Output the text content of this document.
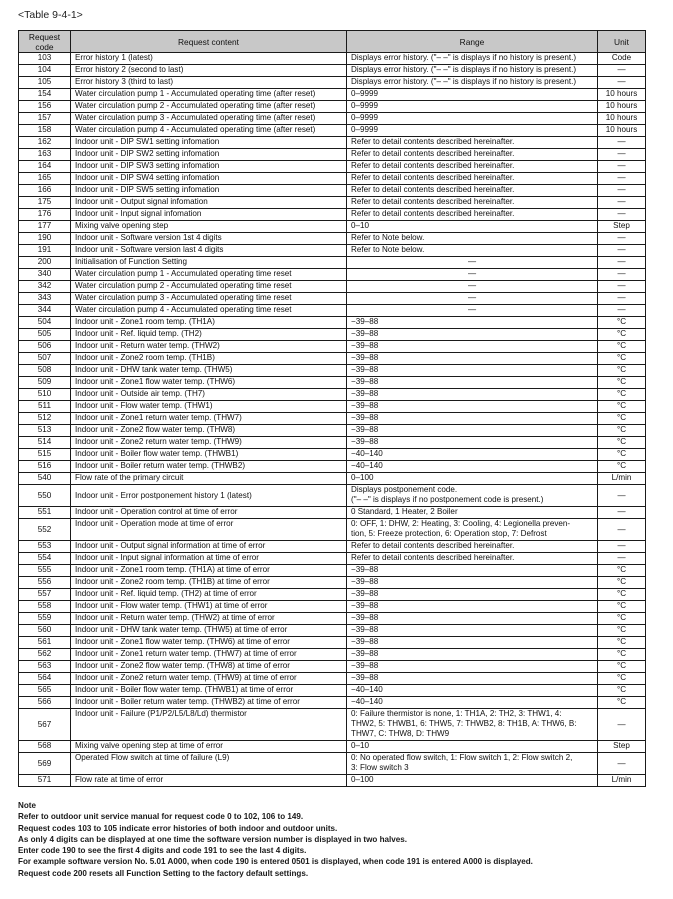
<Table 9-4-1>
Request code	Request content	Range	Unit
103	Error history 1 (latest)	Displays error history. ("– –" is displays if no history is present.)	Code
104	Error history 2 (second to last)	Displays error history. ("– –" is displays if no history is present.)	—
105	Error history 3 (third to last)	Displays error history. ("– –" is displays if no history is present.)	—
154	Water circulation pump 1 - Accumulated operating time (after reset)	0–9999	10 hours
156	Water circulation pump 2 - Accumulated operating time (after reset)	0–9999	10 hours
157	Water circulation pump 3 - Accumulated operating time (after reset)	0–9999	10 hours
158	Water circulation pump 4 - Accumulated operating time (after reset)	0–9999	10 hours
162	Indoor unit - DIP SW1 setting infomation	Refer to detail contents described hereinafter.	—
163	Indoor unit - DIP SW2 setting infomation	Refer to detail contents described hereinafter.	—
164	Indoor unit - DIP SW3 setting infomation	Refer to detail contents described hereinafter.	—
165	Indoor unit - DIP SW4 setting infomation	Refer to detail contents described hereinafter.	—
166	Indoor unit - DIP SW5 setting infomation	Refer to detail contents described hereinafter.	—
175	Indoor unit - Output signal infomation	Refer to detail contents described hereinafter.	—
176	Indoor unit - Input signal infomation	Refer to detail contents described hereinafter.	—
177	Mixing valve opening step	0–10	Step
190	Indoor unit - Software version 1st 4 digits	Refer to Note below.	—
191	Indoor unit - Software version last 4 digits	Refer to Note below.	—
200	Initialisation of Function Setting	—	—
340	Water circulation pump 1 - Accumulated operating time reset	—	—
342	Water circulation pump 2 - Accumulated operating time reset	—	—
343	Water circulation pump 3 - Accumulated operating time reset	—	—
344	Water circulation pump 4 - Accumulated operating time reset	—	—
504	Indoor unit - Zone1 room temp. (TH1A)	−39–88	°C
505	Indoor unit - Ref. liquid temp. (TH2)	−39–88	°C
506	Indoor unit - Return water temp. (THW2)	−39–88	°C
507	Indoor unit - Zone2 room temp. (TH1B)	−39–88	°C
508	Indoor unit - DHW tank water temp. (THW5)	−39–88	°C
509	Indoor unit - Zone1 flow water temp. (THW6)	−39–88	°C
510	Indoor unit - Outside air temp. (TH7)	−39–88	°C
511	Indoor unit - Flow water temp. (THW1)	−39–88	°C
512	Indoor unit - Zone1 return water temp. (THW7)	−39–88	°C
513	Indoor unit - Zone2 flow water temp. (THW8)	−39–88	°C
514	Indoor unit - Zone2 return water temp. (THW9)	−39–88	°C
515	Indoor unit - Boiler flow water temp. (THWB1)	−40–140	°C
516	Indoor unit - Boiler return water temp. (THWB2)	−40–140	°C
540	Flow rate of the primary circuit	0–100	L/min
550	Indoor unit - Error postponement history 1 (latest)	Displays postponement code.
("– –" is displays if no postponement code is present.)	—
551	Indoor unit - Operation control at time of error	0 Standard, 1 Heater, 2 Boiler	—
552	Indoor unit - Operation mode at time of error	0: OFF, 1: DHW, 2: Heating, 3: Cooling, 4: Legionella preven-
tion, 5: Freeze protection, 6: Operation stop, 7: Defrost	—
553	Indoor unit - Output signal information at time of error	Refer to detail contents described hereinafter.	—
554	Indoor unit - Input signal information at time of error	Refer to detail contents described hereinafter.	—
555	Indoor unit - Zone1 room temp. (TH1A) at time of error	−39–88	°C
556	Indoor unit - Zone2 room temp. (TH1B) at time of error	−39–88	°C
557	Indoor unit - Ref. liquid temp. (TH2) at time of error	−39–88	°C
558	Indoor unit - Flow water temp. (THW1) at time of error	−39–88	°C
559	Indoor unit - Return water temp. (THW2) at time of error	−39–88	°C
560	Indoor unit - DHW tank water temp. (THW5) at time of error	−39–88	°C
561	Indoor unit - Zone1 flow water temp. (THW6) at time of error	−39–88	°C
562	Indoor unit - Zone1 return water temp. (THW7) at time of error	−39–88	°C
563	Indoor unit - Zone2 flow water temp. (THW8) at time of error	−39–88	°C
564	Indoor unit - Zone2 return water temp. (THW9) at time of error	−39–88	°C
565	Indoor unit - Boiler flow water temp. (THWB1) at time of error	−40–140	°C
566	Indoor unit - Boiler return water temp. (THWB2) at time of error	−40–140	°C
567	Indoor unit - Failure (P1/P2/L5/L8/Ld) thermistor	0: Failure thermistor is none, 1: TH1A, 2: TH2, 3: THW1, 4:
THW2, 5: THWB1, 6: THW5, 7: THWB2, 8: TH1B, A: THW6, B:
THW7, C: THW8, D: THW9	—
568	Mixing valve opening step at time of error	0–10	Step
569	Operated Flow switch at time of failure (L9)	0: No operated flow switch, 1: Flow switch 1, 2: Flow switch 2,
3: Flow switch 3	—
571	Flow rate at time of error	0–100	L/min
Note
Refer to outdoor unit service manual for request code 0 to 102, 106 to 149.
Request codes 103 to 105 indicate error histories of both indoor and outdoor units.
As only 4 digits can be displayed at one time the software version number is displayed in two halves.
Enter code 190 to see the first 4 digits and code 191 to see the last 4 digits.
For example software version No. 5.01 A000, when code 190 is entered 0501 is displayed, when code 191 is entered A000 is displayed.
Request code 200 resets all Function Setting to the factory default settings.
